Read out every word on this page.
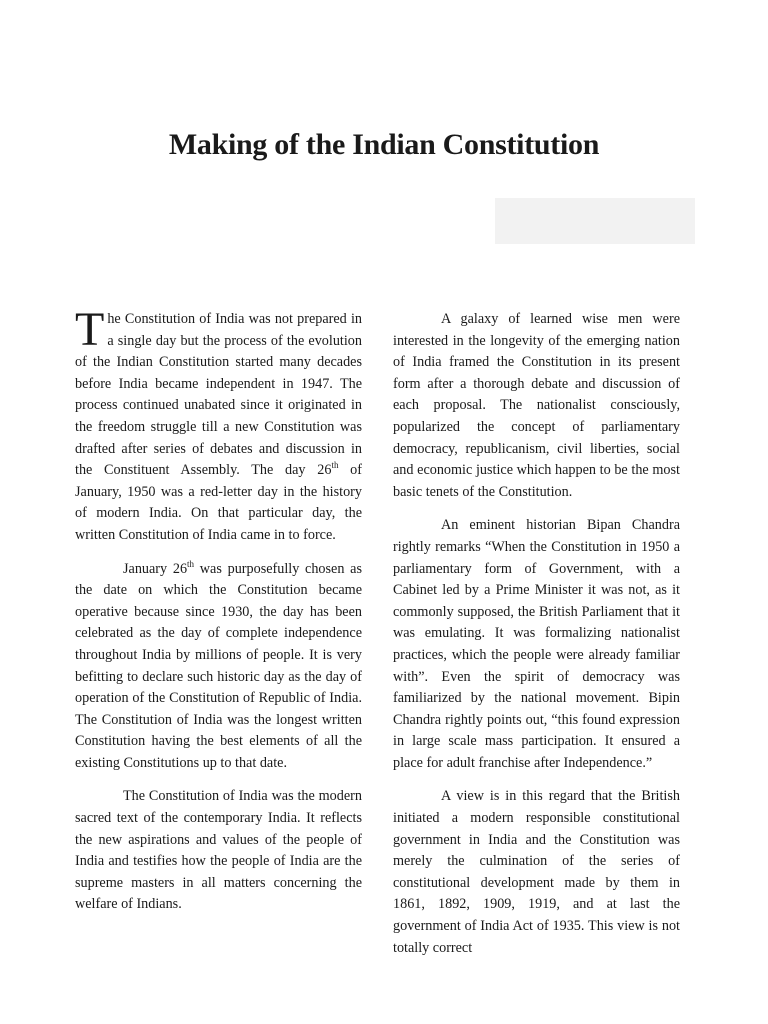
Making of the Indian Constitution

The Constitution of India was not prepared in a single day but the process of the evolution of the Indian Constitution started many decades before India became independent in 1947. The process continued unabated since it originated in the freedom struggle till a new Constitution was drafted after series of debates and discussion in the Constituent Assembly. The day 26th of January, 1950 was a red-letter day in the history of modern India. On that particular day, the written Constitution of India came in to force.

January 26th was purposefully chosen as the date on which the Constitution became operative because since 1930, the day has been celebrated as the day of complete independence throughout India by millions of people. It is very befitting to declare such historic day as the day of operation of the Constitution of Republic of India. The Constitution of India was the longest written Constitution having the best elements of all the existing Constitutions up to that date.

The Constitution of India was the modern sacred text of the contemporary India. It reflects the new aspirations and values of the people of India and testifies how the people of India are the supreme masters in all matters concerning the welfare of Indians.

A galaxy of learned wise men were interested in the longevity of the emerging nation of India framed the Constitution in its present form after a thorough debate and discussion of each proposal. The nationalist consciously, popularized the concept of parliamentary democracy, republicanism, civil liberties, social and economic justice which happen to be the most basic tenets of the Constitution.

An eminent historian Bipan Chandra rightly remarks “When the Constitution in 1950 a parliamentary form of Government, with a Cabinet led by a Prime Minister it was not, as it commonly supposed, the British Parliament that it was emulating. It was formalizing nationalist practices, which the people were already familiar with”. Even the spirit of democracy was familiarized by the national movement. Bipin Chandra rightly points out, “this found expression in large scale mass participation. It ensured a place for adult franchise after Independence.”

A view is in this regard that the British initiated a modern responsible constitutional government in India and the Constitution was merely the culmination of the series of constitutional development made by them in 1861, 1892, 1909, 1919, and at last the government of India Act of 1935. This view is not totally correct
